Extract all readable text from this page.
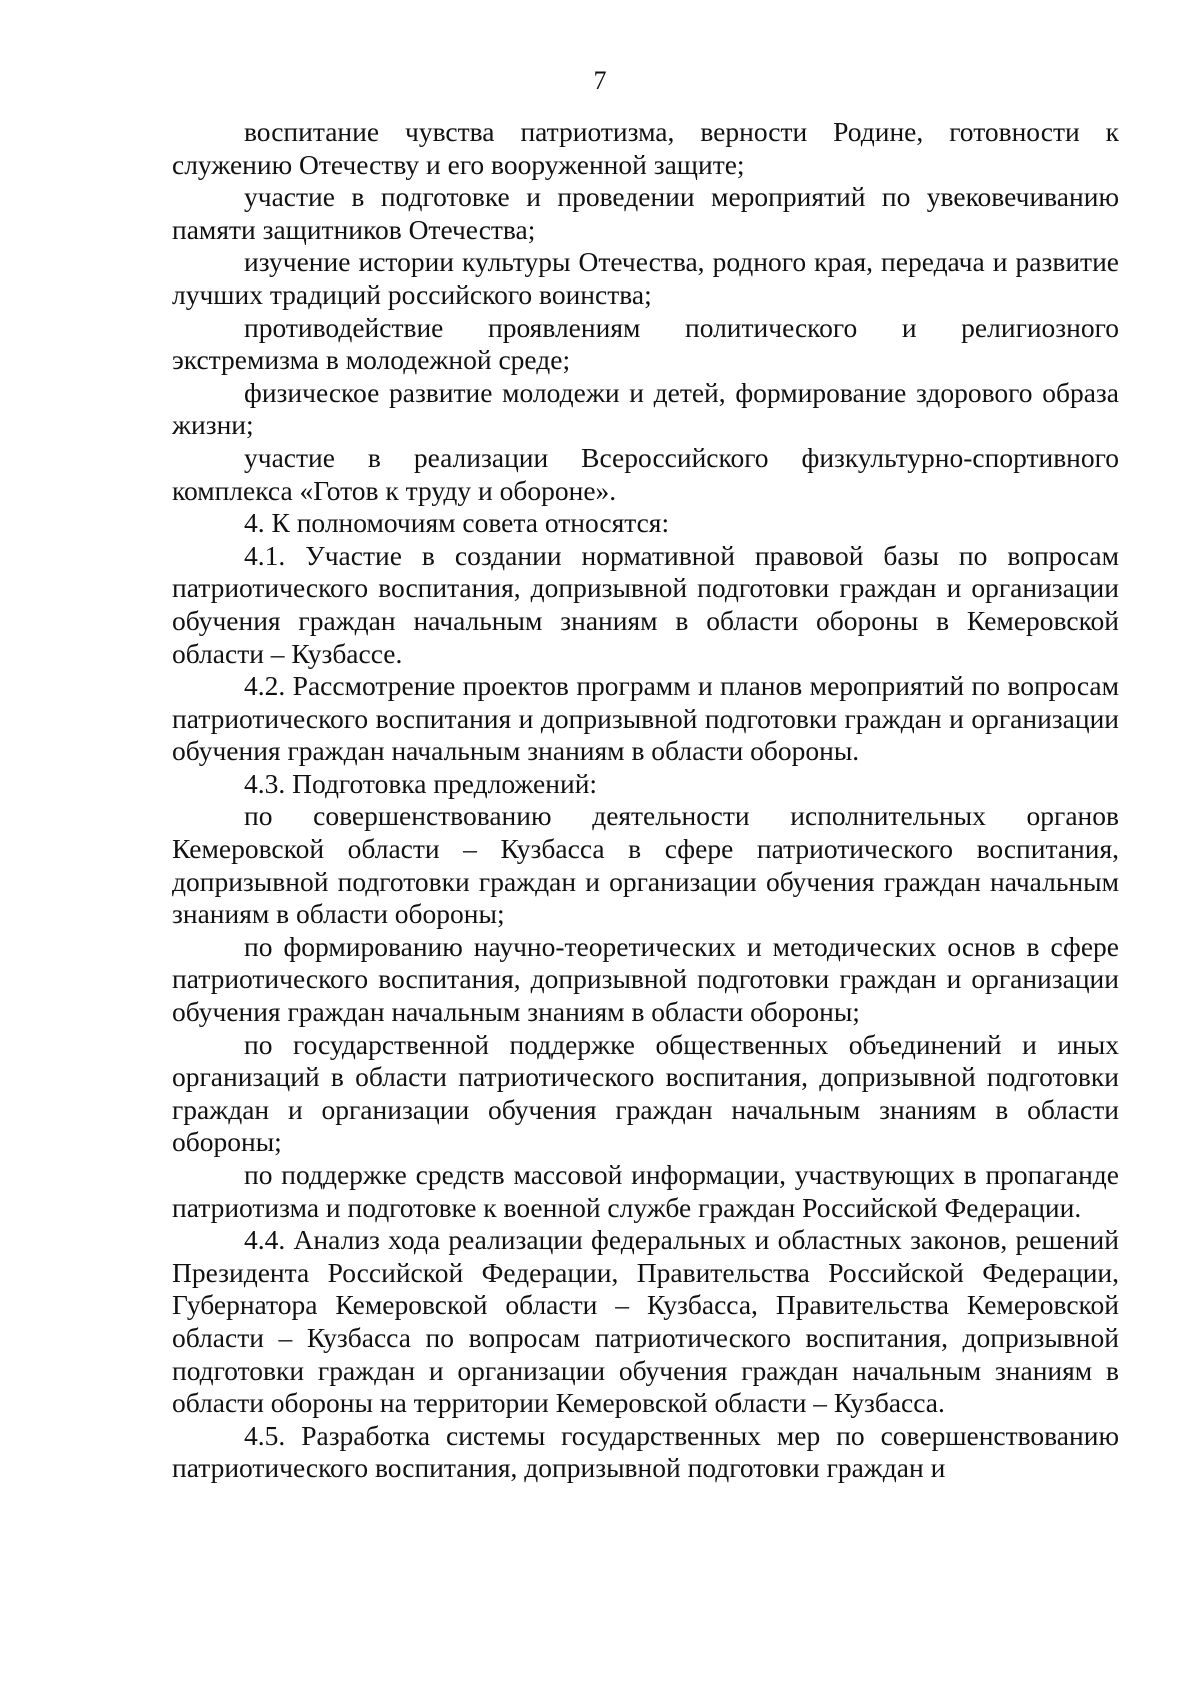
7

воспитание чувства патриотизма, верности Родине, готовности к служению Отечеству и его вооруженной защите;

участие в подготовке и проведении мероприятий по увековечиванию памяти защитников Отечества;

изучение истории культуры Отечества, родного края, передача и развитие лучших традиций российского воинства;

противодействие проявлениям политического и религиозного экстремизма в молодежной среде;

физическое развитие молодежи и детей, формирование здорового образа жизни;

участие в реализации Всероссийского физкультурно-спортивного комплекса «Готов к труду и обороне».

4. К полномочиям совета относятся:

4.1. Участие в создании нормативной правовой базы по вопросам патриотического воспитания, допризывной подготовки граждан и организации обучения граждан начальным знаниям в области обороны в Кемеровской области – Кузбассе.

4.2. Рассмотрение проектов программ и планов мероприятий по вопросам патриотического воспитания и допризывной подготовки граждан и организации обучения граждан начальным знаниям в области обороны.

4.3. Подготовка предложений:

по совершенствованию деятельности исполнительных органов Кемеровской области – Кузбасса в сфере патриотического воспитания, допризывной подготовки граждан и организации обучения граждан начальным знаниям в области обороны;

по формированию научно-теоретических и методических основ в сфере патриотического воспитания, допризывной подготовки граждан и организации обучения граждан начальным знаниям в области обороны;

по государственной поддержке общественных объединений и иных организаций в области патриотического воспитания, допризывной подготовки граждан и организации обучения граждан начальным знаниям в области обороны;

по поддержке средств массовой информации, участвующих в пропаганде патриотизма и подготовке к военной службе граждан Российской Федерации.

4.4. Анализ хода реализации федеральных и областных законов, решений Президента Российской Федерации, Правительства Российской Федерации, Губернатора Кемеровской области – Кузбасса, Правительства Кемеровской области – Кузбасса по вопросам патриотического воспитания, допризывной подготовки граждан и организации обучения граждан начальным знаниям в области обороны на территории Кемеровской области – Кузбасса.

4.5. Разработка системы государственных мер по совершенствованию патриотического воспитания, допризывной подготовки граждан и
